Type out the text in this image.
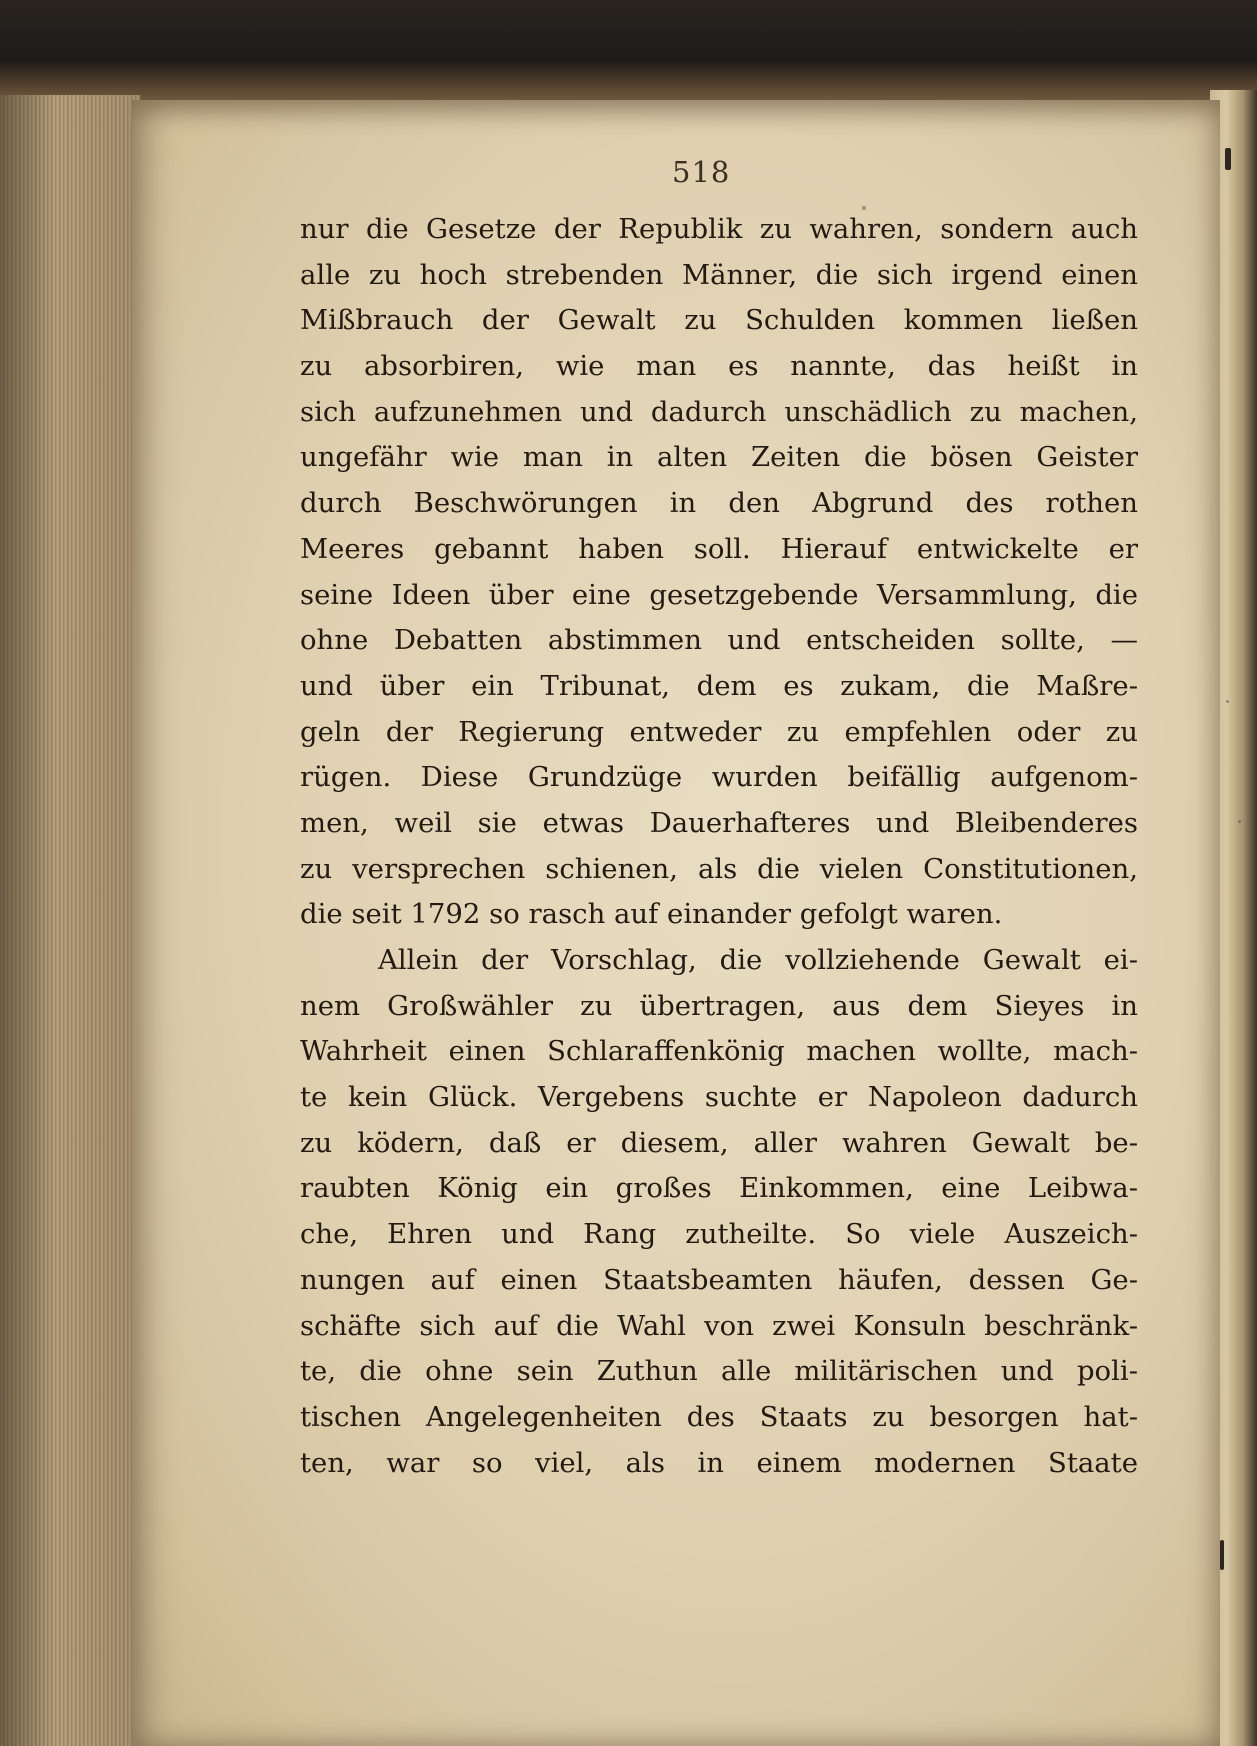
518
nur die Gesetze der Republik zu wahren, sondern auch
alle zu hoch strebenden Männer, die sich irgend einen
Mißbrauch der Gewalt zu Schulden kommen ließen
zu absorbiren, wie man es nannte, das heißt in
sich aufzunehmen und dadurch unschädlich zu machen,
ungefähr wie man in alten Zeiten die bösen Geister
durch Beschwörungen in den Abgrund des rothen
Meeres gebannt haben soll. Hierauf entwickelte er
seine Ideen über eine gesetzgebende Versammlung, die
ohne Debatten abstimmen und entscheiden sollte, —
und über ein Tribunat, dem es zukam, die Maßre-
geln der Regierung entweder zu empfehlen oder zu
rügen. Diese Grundzüge wurden beifällig aufgenom-
men, weil sie etwas Dauerhafteres und Bleibenderes
zu versprechen schienen, als die vielen Constitutionen,
die seit 1792 so rasch auf einander gefolgt waren.
Allein der Vorschlag, die vollziehende Gewalt ei-
nem Großwähler zu übertragen, aus dem Sieyes in
Wahrheit einen Schlaraffenkönig machen wollte, mach-
te kein Glück. Vergebens suchte er Napoleon dadurch
zu ködern, daß er diesem, aller wahren Gewalt be-
raubten König ein großes Einkommen, eine Leibwa-
che, Ehren und Rang zutheilte. So viele Auszeich-
nungen auf einen Staatsbeamten häufen, dessen Ge-
schäfte sich auf die Wahl von zwei Konsuln beschränk-
te, die ohne sein Zuthun alle militärischen und poli-
tischen Angelegenheiten des Staats zu besorgen hat-
ten, war so viel, als in einem modernen Staate
